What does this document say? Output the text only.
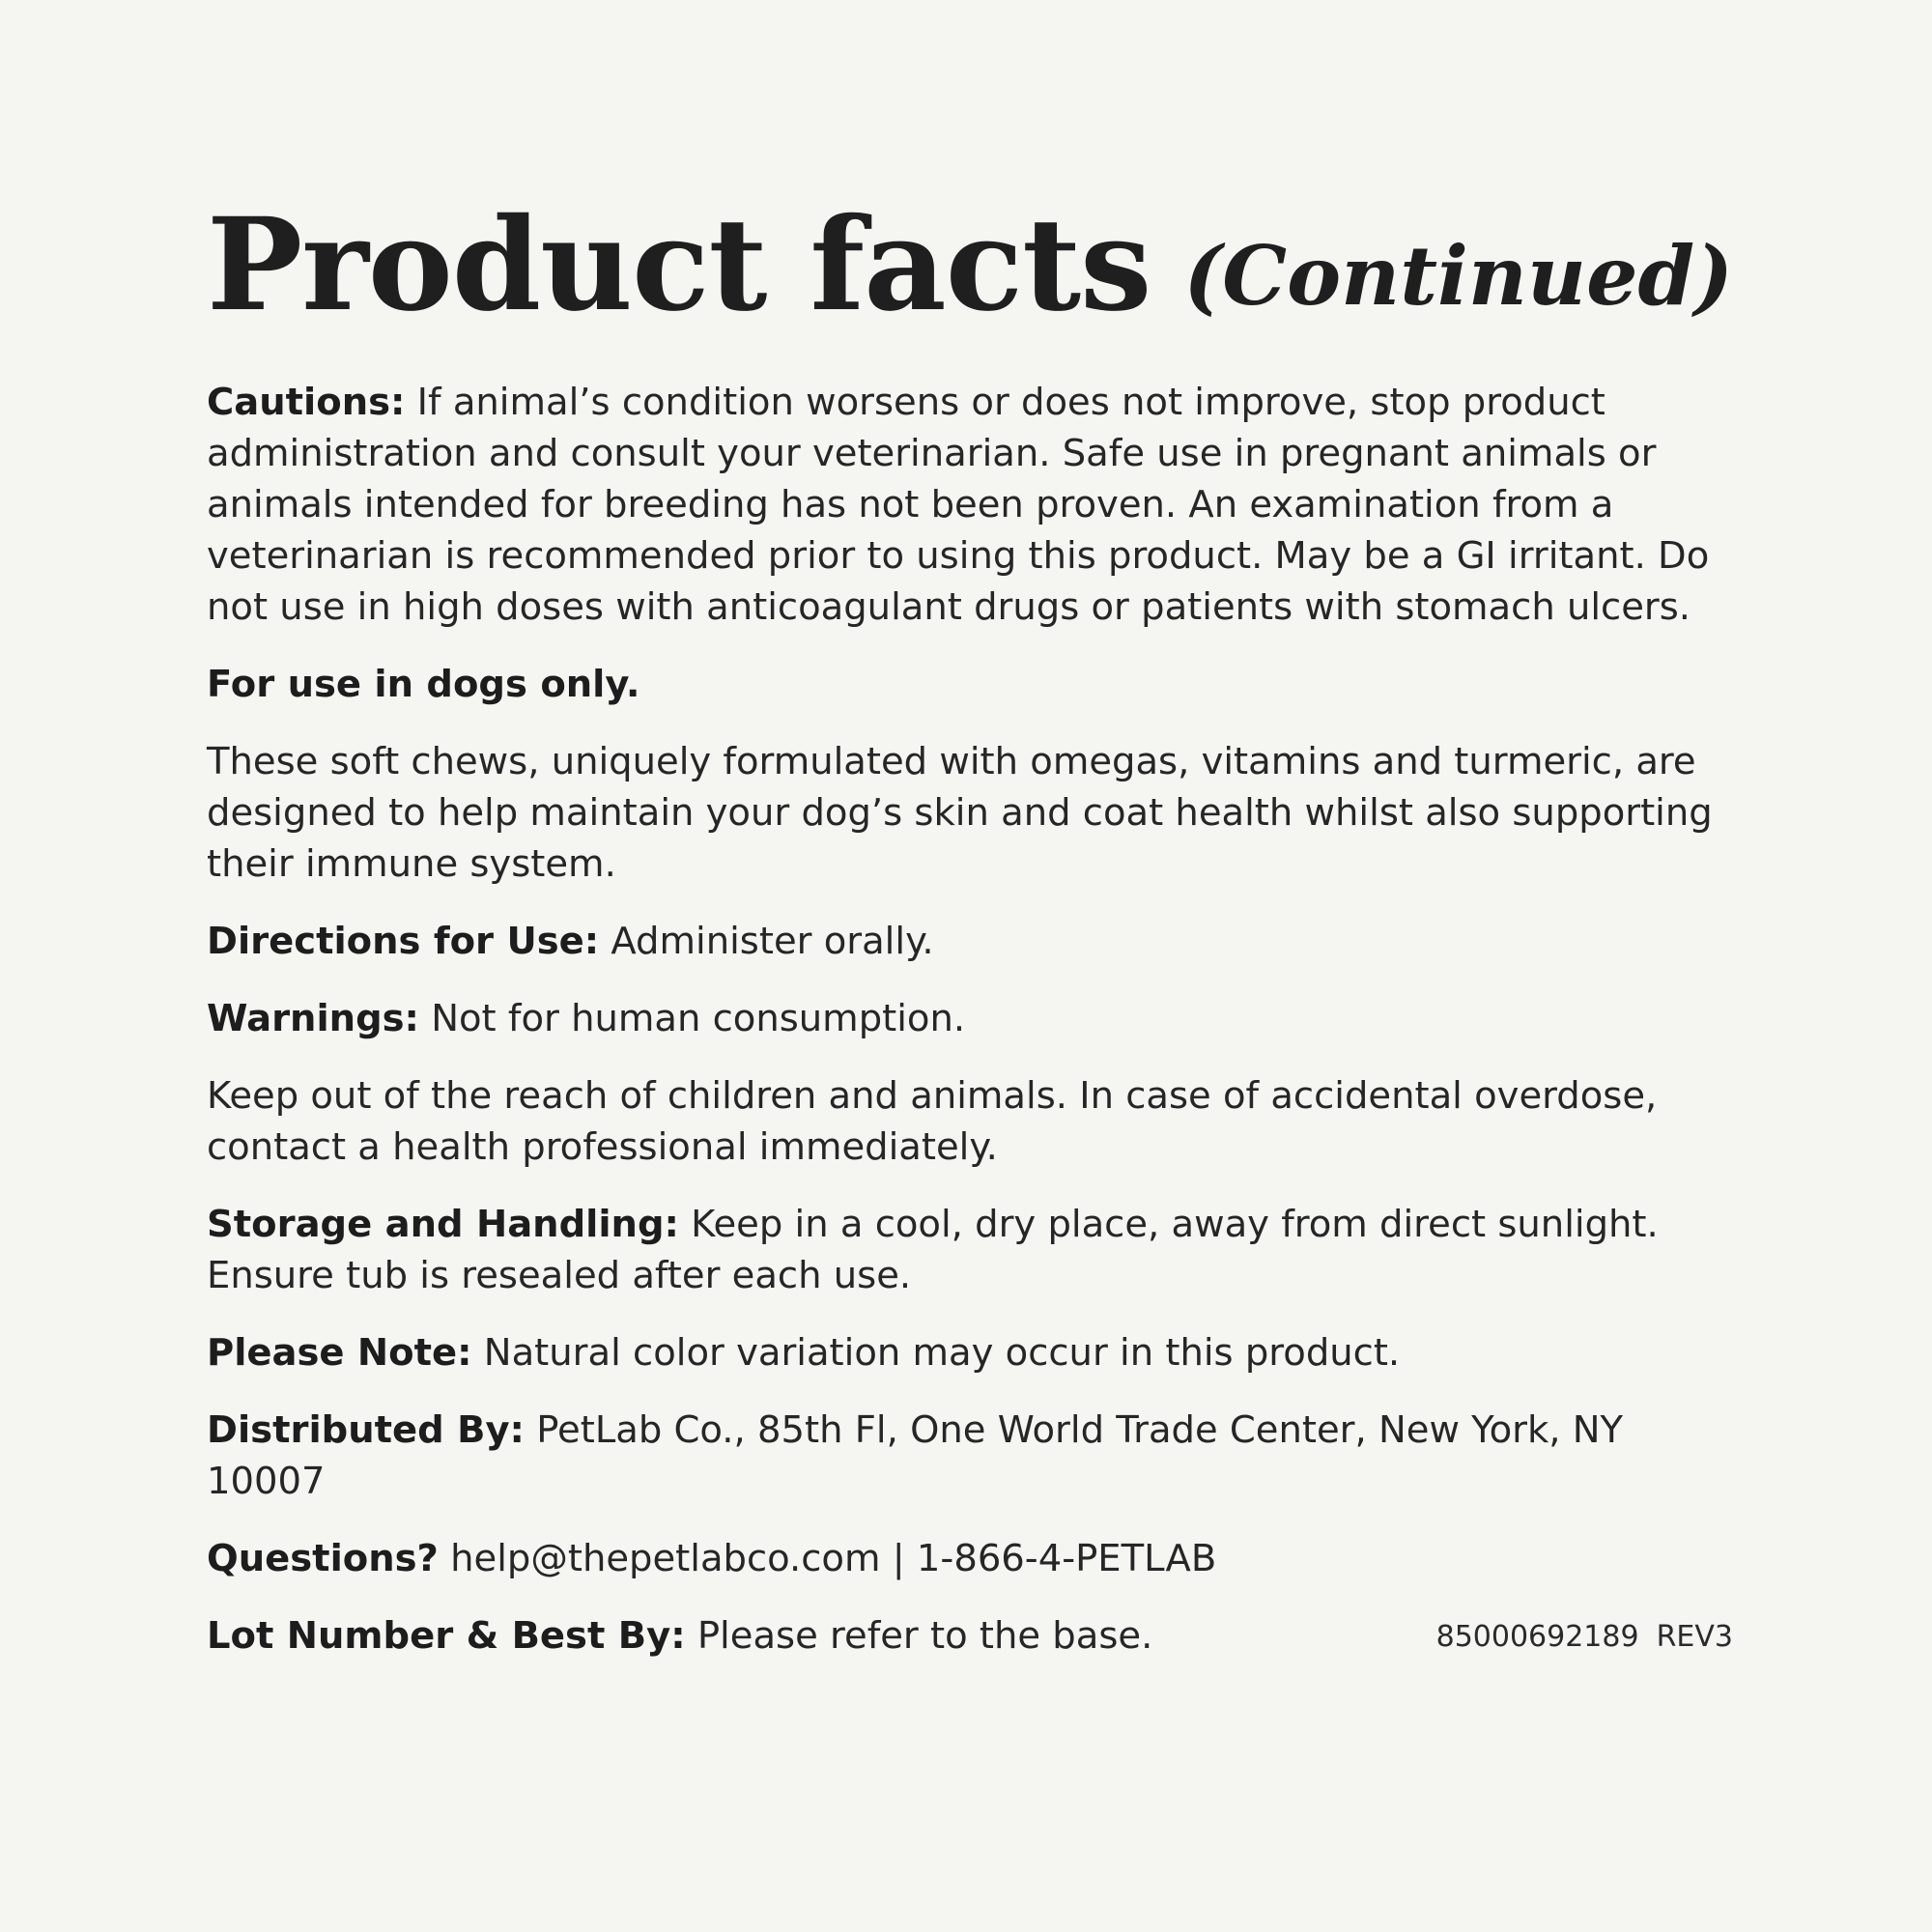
Product facts (Continued)

Cautions: If animal’s condition worsens or does not improve, stop product administration and consult your veterinarian. Safe use in pregnant animals or animals intended for breeding has not been proven. An examination from a veterinarian is recommended prior to using this product. May be a GI irritant. Do not use in high doses with anticoagulant drugs or patients with stomach ulcers.

For use in dogs only.

These soft chews, uniquely formulated with omegas, vitamins and turmeric, are designed to help maintain your dog’s skin and coat health whilst also supporting their immune system.

Directions for Use: Administer orally.

Warnings: Not for human consumption.

Keep out of the reach of children and animals. In case of accidental overdose, contact a health professional immediately.

Storage and Handling: Keep in a cool, dry place, away from direct sunlight. Ensure tub is resealed after each use.

Please Note: Natural color variation may occur in this product.

Distributed By: PetLab Co., 85th Fl, One World Trade Center, New York, NY 10007

Questions? help@thepetlabco.com | 1-866-4-PETLAB

Lot Number & Best By: Please refer to the base.	85000692189 REV3
